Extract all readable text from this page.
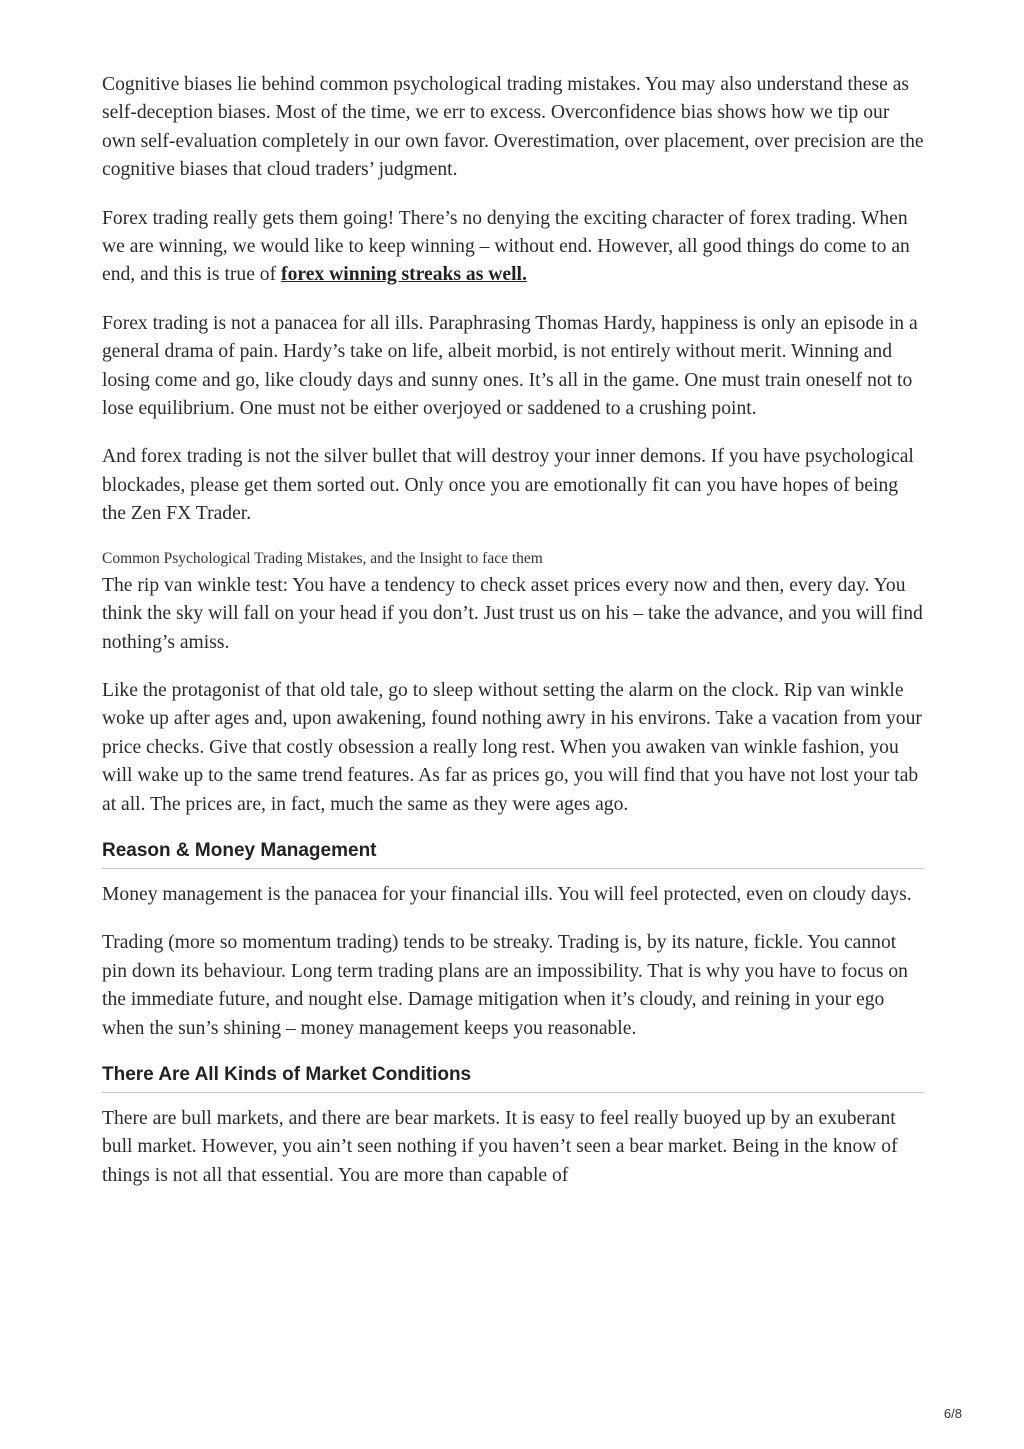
Cognitive biases lie behind common psychological trading mistakes. You may also understand these as self-deception biases. Most of the time, we err to excess. Overconfidence bias shows how we tip our own self-evaluation completely in our own favor. Overestimation, over placement, over precision are the cognitive biases that cloud traders’ judgment.

Forex trading really gets them going! There’s no denying the exciting character of forex trading. When we are winning, we would like to keep winning – without end. However, all good things do come to an end, and this is true of forex winning streaks as well.

Forex trading is not a panacea for all ills. Paraphrasing Thomas Hardy, happiness is only an episode in a general drama of pain. Hardy’s take on life, albeit morbid, is not entirely without merit. Winning and losing come and go, like cloudy days and sunny ones. It’s all in the game. One must train oneself not to lose equilibrium. One must not be either overjoyed or saddened to a crushing point.

And forex trading is not the silver bullet that will destroy your inner demons. If you have psychological blockades, please get them sorted out. Only once you are emotionally fit can you have hopes of being the Zen FX Trader.

Common Psychological Trading Mistakes, and the Insight to face them

The rip van winkle test: You have a tendency to check asset prices every now and then, every day. You think the sky will fall on your head if you don’t. Just trust us on his – take the advance, and you will find nothing’s amiss.

Like the protagonist of that old tale, go to sleep without setting the alarm on the clock. Rip van winkle woke up after ages and, upon awakening, found nothing awry in his environs. Take a vacation from your price checks. Give that costly obsession a really long rest. When you awaken van winkle fashion, you will wake up to the same trend features. As far as prices go, you will find that you have not lost your tab at all. The prices are, in fact, much the same as they were ages ago.

Reason & Money Management

Money management is the panacea for your financial ills. You will feel protected, even on cloudy days.

Trading (more so momentum trading) tends to be streaky. Trading is, by its nature, fickle. You cannot pin down its behaviour. Long term trading plans are an impossibility. That is why you have to focus on the immediate future, and nought else. Damage mitigation when it’s cloudy, and reining in your ego when the sun’s shining – money management keeps you reasonable.

There Are All Kinds of Market Conditions

There are bull markets, and there are bear markets. It is easy to feel really buoyed up by an exuberant bull market. However, you ain’t seen nothing if you haven’t seen a bear market. Being in the know of things is not all that essential. You are more than capable of

6/8
